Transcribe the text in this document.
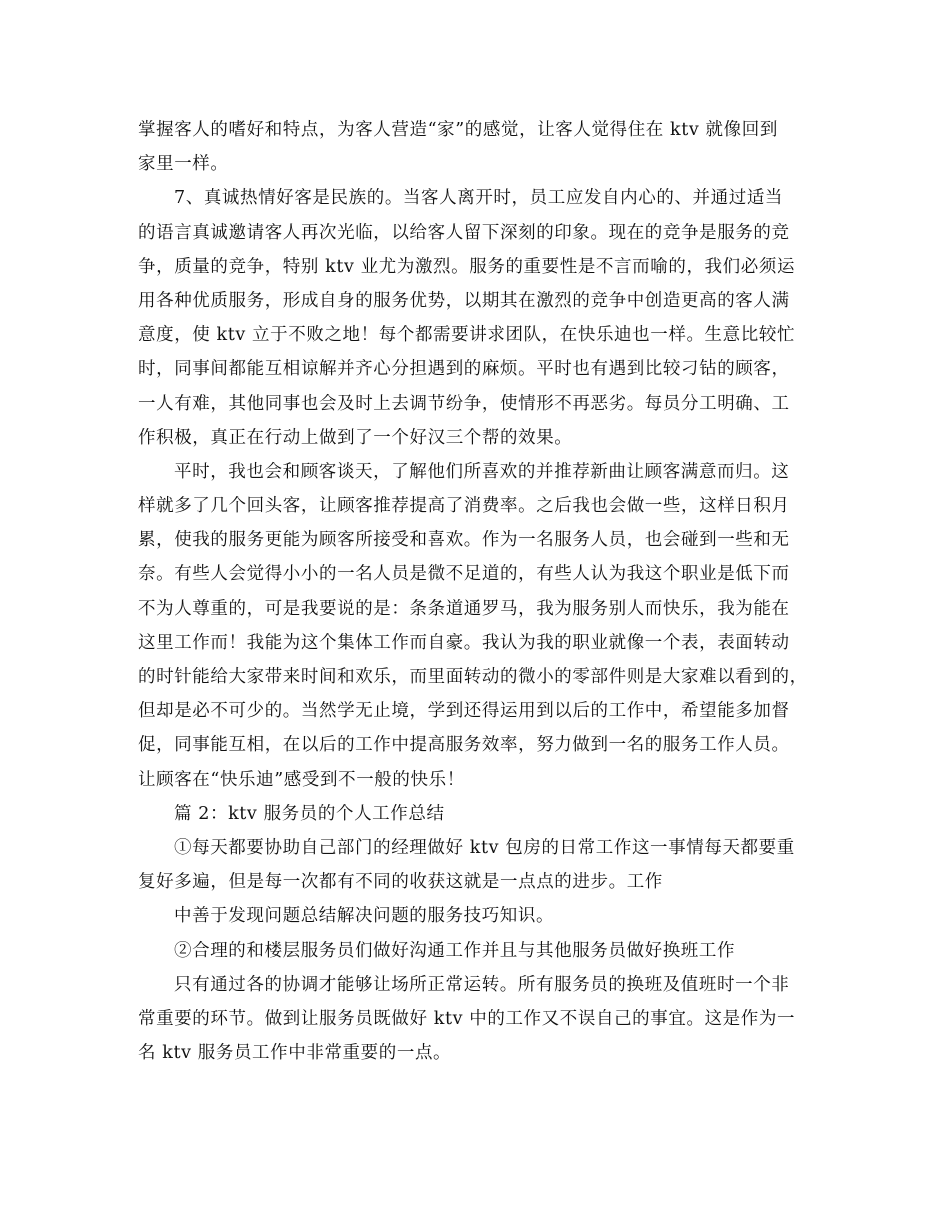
掌握客人的嗜好和特点，为客人营造“家”的感觉，让客人觉得住在 ktv 就像回到
家里一样。
7、真诚热情好客是民族的。当客人离开时，员工应发自内心的、并通过适当
的语言真诚邀请客人再次光临，以给客人留下深刻的印象。现在的竞争是服务的竞
争，质量的竞争，特别 ktv 业尤为激烈。服务的重要性是不言而喻的，我们必须运
用各种优质服务，形成自身的服务优势，以期其在激烈的竞争中创造更高的客人满
意度，使 ktv 立于不败之地！每个都需要讲求团队，在快乐迪也一样。生意比较忙
时，同事间都能互相谅解并齐心分担遇到的麻烦。平时也有遇到比较刁钻的顾客，
一人有难，其他同事也会及时上去调节纷争，使情形不再恶劣。每员分工明确、工
作积极，真正在行动上做到了一个好汉三个帮的效果。
平时，我也会和顾客谈天，了解他们所喜欢的并推荐新曲让顾客满意而归。这
样就多了几个回头客，让顾客推荐提高了消费率。之后我也会做一些，这样日积月
累，使我的服务更能为顾客所接受和喜欢。作为一名服务人员，也会碰到一些和无
奈。有些人会觉得小小的一名人员是微不足道的，有些人认为我这个职业是低下而
不为人尊重的，可是我要说的是：条条道通罗马，我为服务别人而快乐，我为能在
这里工作而！我能为这个集体工作而自豪。我认为我的职业就像一个表，表面转动
的时针能给大家带来时间和欢乐，而里面转动的微小的零部件则是大家难以看到的，
但却是必不可少的。当然学无止境，学到还得运用到以后的工作中，希望能多加督
促，同事能互相，在以后的工作中提高服务效率，努力做到一名的服务工作人员。
让顾客在“快乐迪”感受到不一般的快乐！
篇 2：ktv 服务员的个人工作总结
①每天都要协助自己部门的经理做好 ktv 包房的日常工作这一事情每天都要重
复好多遍，但是每一次都有不同的收获这就是一点点的进步。工作
中善于发现问题总结解决问题的服务技巧知识。
②合理的和楼层服务员们做好沟通工作并且与其他服务员做好换班工作
只有通过各的协调才能够让场所正常运转。所有服务员的换班及值班时一个非
常重要的环节。做到让服务员既做好 ktv 中的工作又不误自己的事宜。这是作为一
名 ktv 服务员工作中非常重要的一点。
